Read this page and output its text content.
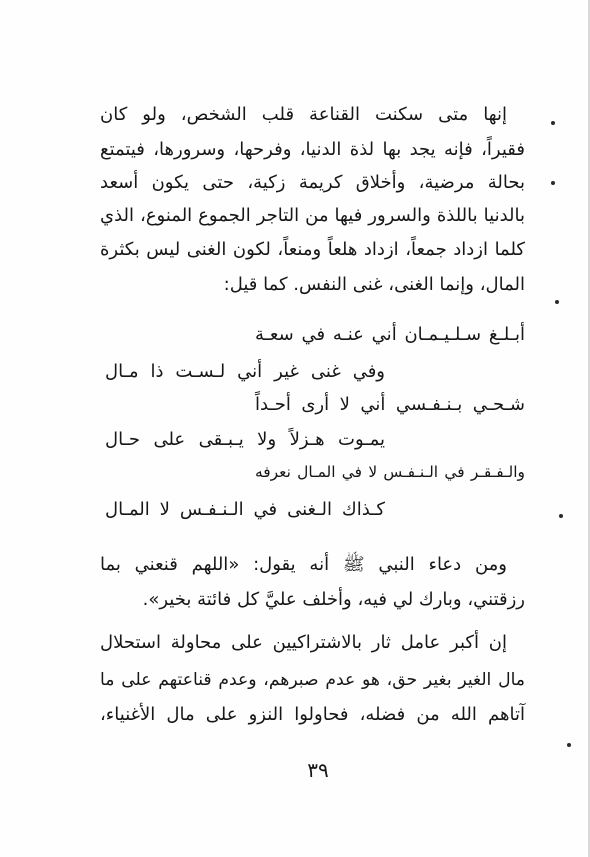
إنها متى سكنت القناعة قلب الشخص، ولو كان
فقيراً، فإنه يجد بها لذة الدنيا، وفرحها، وسرورها، فيتمتع
بحالة مرضية، وأخلاق كريمة زكية، حتى يكون أسعد
بالدنيا باللذة والسرور فيها من التاجر الجموع المنوع، الذي
كلما ازداد جمعاً، ازداد هلعاً ومنعاً، لكون الغنى ليس بكثرة
المال، وإنما الغنى، غنى النفس. كما قيل:
أبـلـغ سـلـيـمـان أني عنـه في سعـة
وفي غنى غير أني لـسـت ذا مـال
شـحـي بـنـفـسي أني لا أرى أحـداً
يمـوت هـزلاً ولا يـبـقى على حـال
والـفـقـر في الـنـفـس لا في المـال نعرفه
كـذاك الـغنى في الـنـفـس لا المـال
ومن دعاء النبي ﷺ أنه يقول: «اللهم قنعني بما
رزقتني، وبارك لي فيه، وأخلف عليَّ كل فائتة بخير».
إن أكبر عامل ثار بالاشتراكيين على محاولة استحلال
مال الغير بغير حق، هو عدم صبرهم، وعدم قناعتهم على ما
آتاهم الله من فضله، فحاولوا النزو على مال الأغنياء،
٣٩
